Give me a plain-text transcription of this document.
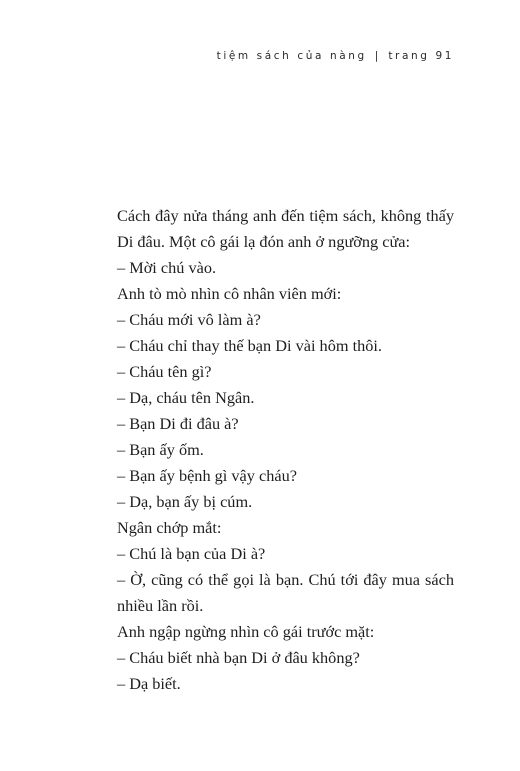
tiệm sách của nàng | trang 91

Cách đây nửa tháng anh đến tiệm sách, không thấy Di đâu. Một cô gái lạ đón anh ở ngưỡng cửa:

– Mời chú vào.

Anh tò mò nhìn cô nhân viên mới:

– Cháu mới vô làm à?

– Cháu chỉ thay thế bạn Di vài hôm thôi.

– Cháu tên gì?

– Dạ, cháu tên Ngân.

– Bạn Di đi đâu à?

– Bạn ấy ốm.

– Bạn ấy bệnh gì vậy cháu?

– Dạ, bạn ấy bị cúm.

Ngân chớp mắt:

– Chú là bạn của Di à?

– Ờ, cũng có thể gọi là bạn. Chú tới đây mua sách nhiều lần rồi.

Anh ngập ngừng nhìn cô gái trước mặt:

– Cháu biết nhà bạn Di ở đâu không?

– Dạ biết.
